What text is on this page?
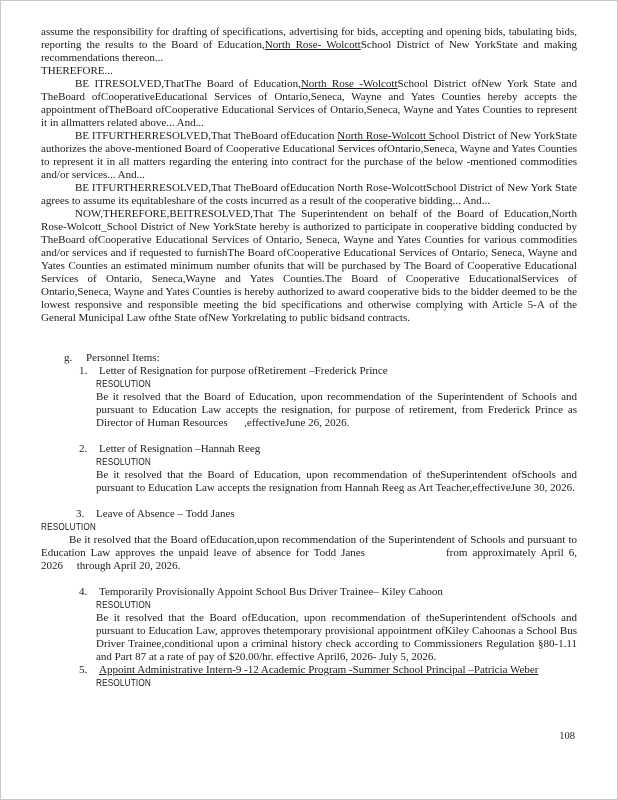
assume the responsibility for drafting of specifications, advertising for bids, accepting and opening bids, tabulating bids, reporting the results to the Board of Education,North Rose- WolcottSchool District of New YorkState and making recommendations thereon...

THEREFORE...

BE ITRESOLVED,ThatThe Board of Education,North Rose -WolcottSchool District ofNew York State and TheBoard ofCooperativeEducational Services of Ontario,Seneca, Wayne and Yates Counties hereby accepts the appointment ofTheBoard ofCooperative Educational Services of Ontario,Seneca, Wayne and Yates Counties to represent it in allmatters related above... And...

BE ITFURTHERRESOLVED,That TheBoard ofEducation North Rose-Wolcott School District of New YorkState authorizes the above-mentioned Board of Cooperative Educational Services ofOntario,Seneca, Wayne and Yates Counties to represent it in all matters regarding the entering into contract for the purchase of the below -mentioned commodities and/or services... And...

BE ITFURTHERRESOLVED,That TheBoard ofEducation North Rose-WolcottSchool District of New York State agrees to assume its equitableshare of the costs incurred as a result of the cooperative bidding... And...

NOW,THEREFORE,BEITRESOLVED,That The Superintendent on behalf of the Board of Education,North Rose-Wolcott_School District of New YorkState hereby is authorized to participate in cooperative bidding conducted by TheBoard ofCooperative Educational Services of Ontario, Seneca, Wayne and Yates Counties for various commodities and/or services and if requested to furnishThe Board ofCooperative Educational Services of Ontario, Seneca, Wayne and Yates Counties an estimated minimum number ofunits that will be purchased by The Board of Cooperative Educational Services of Ontario, Seneca,Wayne and Yates Counties.The Board of Cooperative EducationalServices of Ontario,Seneca, Wayne and Yates Counties is hereby authorized to award cooperative bids to the bidder deemed to be the lowest responsive and responsible meeting the bid specifications and otherwise complying with Article 5-A of the General Municipal Law ofthe State ofNew Yorkrelating to public bidsand contracts.

g. Personnel Items:
1. Letter of Resignation for purpose ofRetirement –Frederick Prince
RESOLUTION

Be it resolved that the Board of Education, upon recommendation of the Superintendent of Schools and pursuant to Education Law accepts the resignation, for purpose of retirement, from Frederick Prince as Director of Human Resources      ,effectiveJune 26, 2026.

2. Letter of Resignation –Hannah Reeg
RESOLUTION

Be it resolved that the Board of Education, upon recommendation of theSuperintendent ofSchools and pursuant to Education Law accepts the resignation from Hannah Reeg as Art Teacher,effectiveJune 30, 2026.

3. Leave of Absence – Todd Janes
RESOLUTION

Be it resolved that the Board ofEducation,upon recommendation of the Superintendent of Schools and pursuant to Education Law approves the unpaid leave of absence for Todd Janes                from approximately April 6, 2026     through April 20, 2026.

4. Temporarily Provisionally Appoint School Bus Driver Trainee– Kiley Cahoon
RESOLUTION

Be it resolved that the Board ofEducation, upon recommendation of theSuperintendent ofSchools and pursuant to Education Law, approves thetemporary provisional appointment ofKiley Cahoonas a School Bus Driver Trainee,conditional upon a criminal history check according to Commissioners Regulation §80-1.11 and Part 87 at a rate of pay of $20.00/hr. effective April6, 2026- July 5, 2026.

5. Appoint Administrative Intern-9 -12 Academic Program -Summer School Principal –Patricia Weber
RESOLUTION
108
